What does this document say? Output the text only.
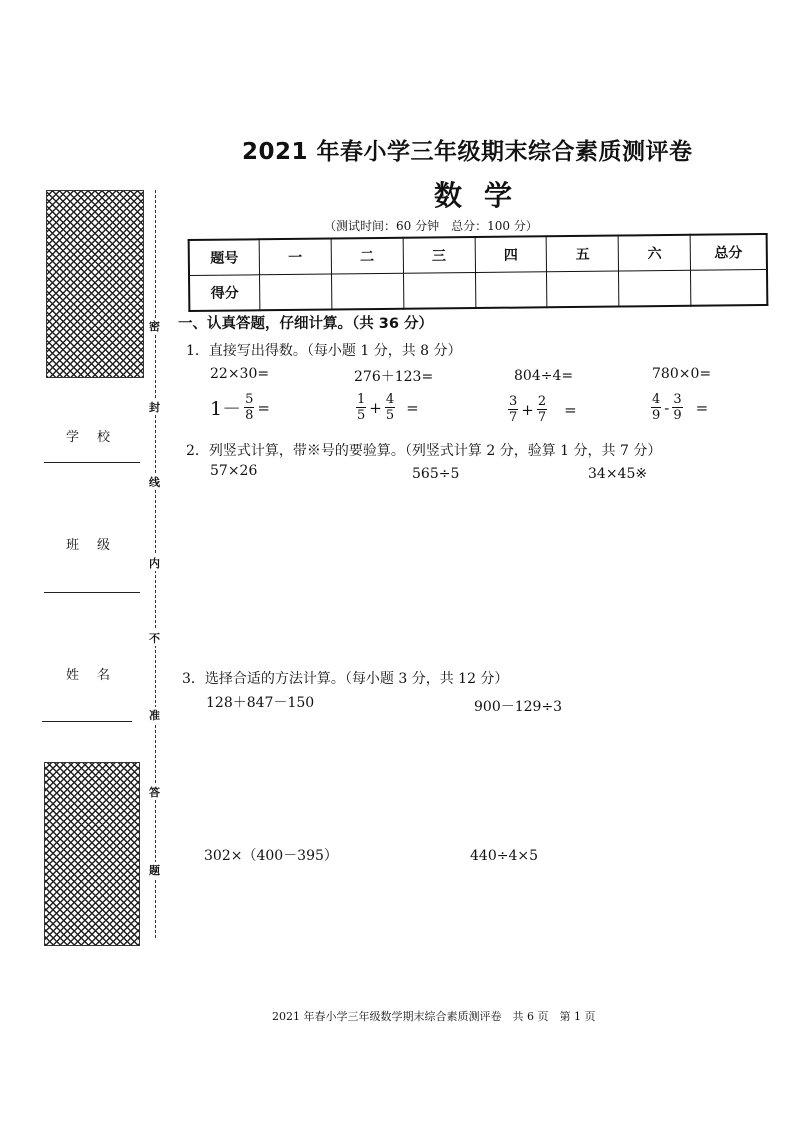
学校
班级
姓名
密
封
线
内
不
准
答
题
2021 年春小学三年级期末综合素质测评卷
数学
（测试时间：60 分钟　总分：100 分）
题号	一	二	三	四	五	六	总分
得分							
一、认真答题，仔细计算。（共 36 分）
1．直接写出得数。（每小题 1 分，共 8 分）
22×30=	276＋123=	804÷4=	780×0=
$1- \frac{5}{8}$ =	$\frac{1}{5} + \frac{4}{5}$ =	$\frac{3}{7} + \frac{2}{7}$ =	$\frac{4}{9} - \frac{3}{9}$ =
2．列竖式计算，带※号的要验算。（列竖式计算 2 分，验算 1 分，共 7 分）
57×26	565÷5	34×45※
3．选择合适的方法计算。（每小题 3 分，共 12 分）
128＋847－150	900－129÷3
302×（400－395）	440÷4×5
2021 年春小学三年级数学期末综合素质测评卷　共 6 页　第 1 页
